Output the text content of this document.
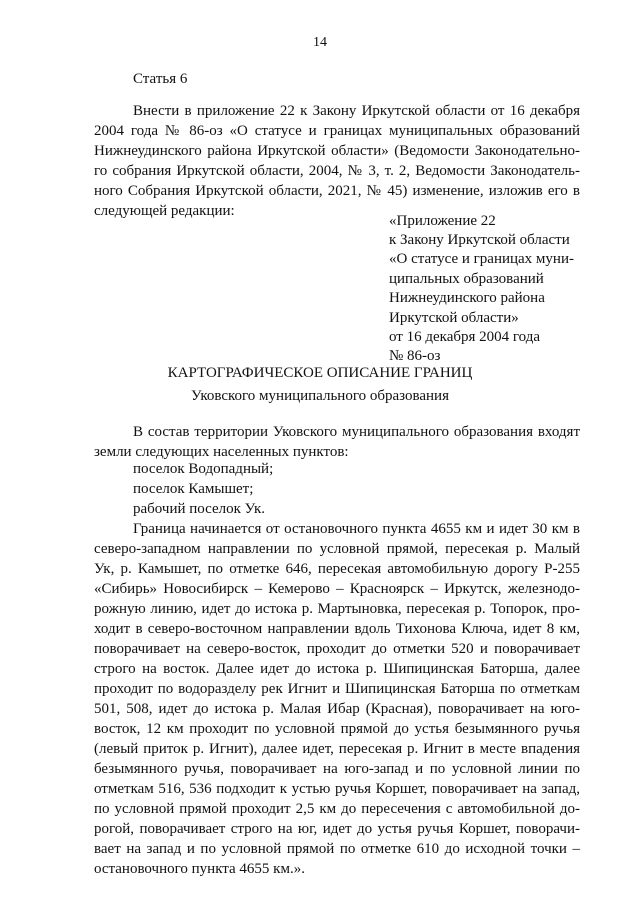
14
Статья 6
Внести в приложение 22 к Закону Иркутской области от 16 декабря
2004 года № 86-оз «О статусе и границах муниципальных образований
Нижнеудинского района Иркутской области» (Ведомости Законодательно-
го собрания Иркутской области, 2004, № 3, т. 2, Ведомости Законодатель-
ного Собрания Иркутской области, 2021, № 45) изменение, изложив его в
следующей редакции:
«Приложение 22
к Закону Иркутской области
«О статусе и границах муни-
ципальных образований
Нижнеудинского района
Иркутской области»
от 16 декабря 2004 года
№ 86-оз
КАРТОГРАФИЧЕСКОЕ ОПИСАНИЕ ГРАНИЦ
Уковского муниципального образования
В состав территории Уковского муниципального образования входят
земли следующих населенных пунктов:
поселок Водопадный;
поселок Камышет;
рабочий поселок Ук.
Граница начинается от остановочного пункта 4655 км и идет 30 км в
северо-западном направлении по условной прямой, пересекая р. Малый
Ук, р. Камышет, по отметке 646, пересекая автомобильную дорогу Р-255
«Сибирь» Новосибирск – Кемерово – Красноярск – Иркутск, железнодо-
рожную линию, идет до истока р. Мартыновка, пересекая р. Топорок, про-
ходит в северо-восточном направлении вдоль Тихонова Ключа, идет 8 км,
поворачивает на северо-восток, проходит до отметки 520 и поворачивает
строго на восток. Далее идет до истока р. Шипицинская Баторша, далее
проходит по водоразделу рек Игнит и Шипицинская Баторша по отметкам
501, 508, идет до истока р. Малая Ибар (Красная), поворачивает на юго-
восток, 12 км проходит по условной прямой до устья безымянного ручья
(левый приток р. Игнит), далее идет, пересекая р. Игнит в месте впадения
безымянного ручья, поворачивает на юго-запад и по условной линии по
отметкам 516, 536 подходит к устью ручья Коршет, поворачивает на запад,
по условной прямой проходит 2,5 км до пересечения с автомобильной до-
рогой, поворачивает строго на юг, идет до устья ручья Коршет, поворачи-
вает на запад и по условной прямой по отметке 610 до исходной точки –
остановочного пункта 4655 км.».
